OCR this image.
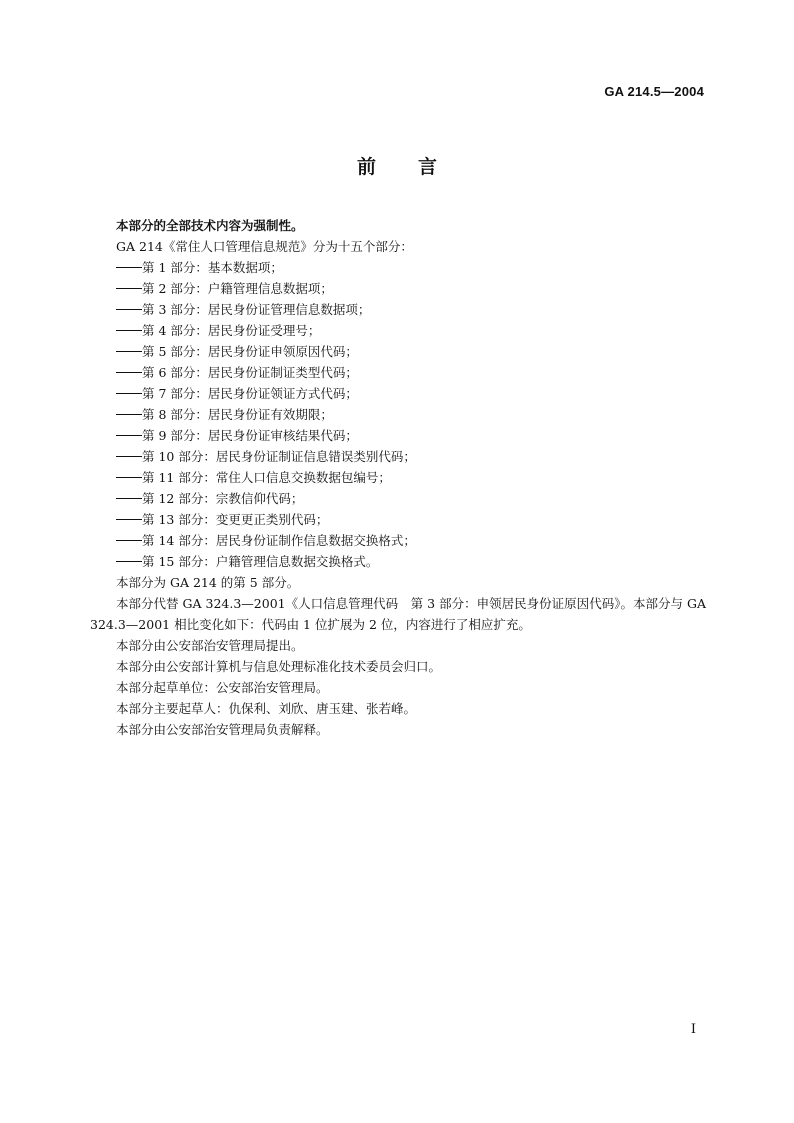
GA 214.5—2004
前言

本部分的全部技术内容为强制性。

GA 214《常住人口管理信息规范》分为十五个部分：

第 1 部分：基本数据项；

第 2 部分：户籍管理信息数据项；

第 3 部分：居民身份证管理信息数据项；

第 4 部分：居民身份证受理号；

第 5 部分：居民身份证申领原因代码；

第 6 部分：居民身份证制证类型代码；

第 7 部分：居民身份证领证方式代码；

第 8 部分：居民身份证有效期限；

第 9 部分：居民身份证审核结果代码；

第 10 部分：居民身份证制证信息错误类别代码；

第 11 部分：常住人口信息交换数据包编号；

第 12 部分：宗教信仰代码；

第 13 部分：变更更正类别代码；

第 14 部分：居民身份证制作信息数据交换格式；

第 15 部分：户籍管理信息数据交换格式。

本部分为 GA 214 的第 5 部分。

本部分代替 GA 324.3—2001《人口信息管理代码　第 3 部分：申领居民身份证原因代码》。本部分与 GA 324.3—2001 相比变化如下：代码由 1 位扩展为 2 位，内容进行了相应扩充。

本部分由公安部治安管理局提出。

本部分由公安部计算机与信息处理标准化技术委员会归口。

本部分起草单位：公安部治安管理局。

本部分主要起草人：仇保利、刘欣、唐玉建、张若峰。

本部分由公安部治安管理局负责解释。

I
